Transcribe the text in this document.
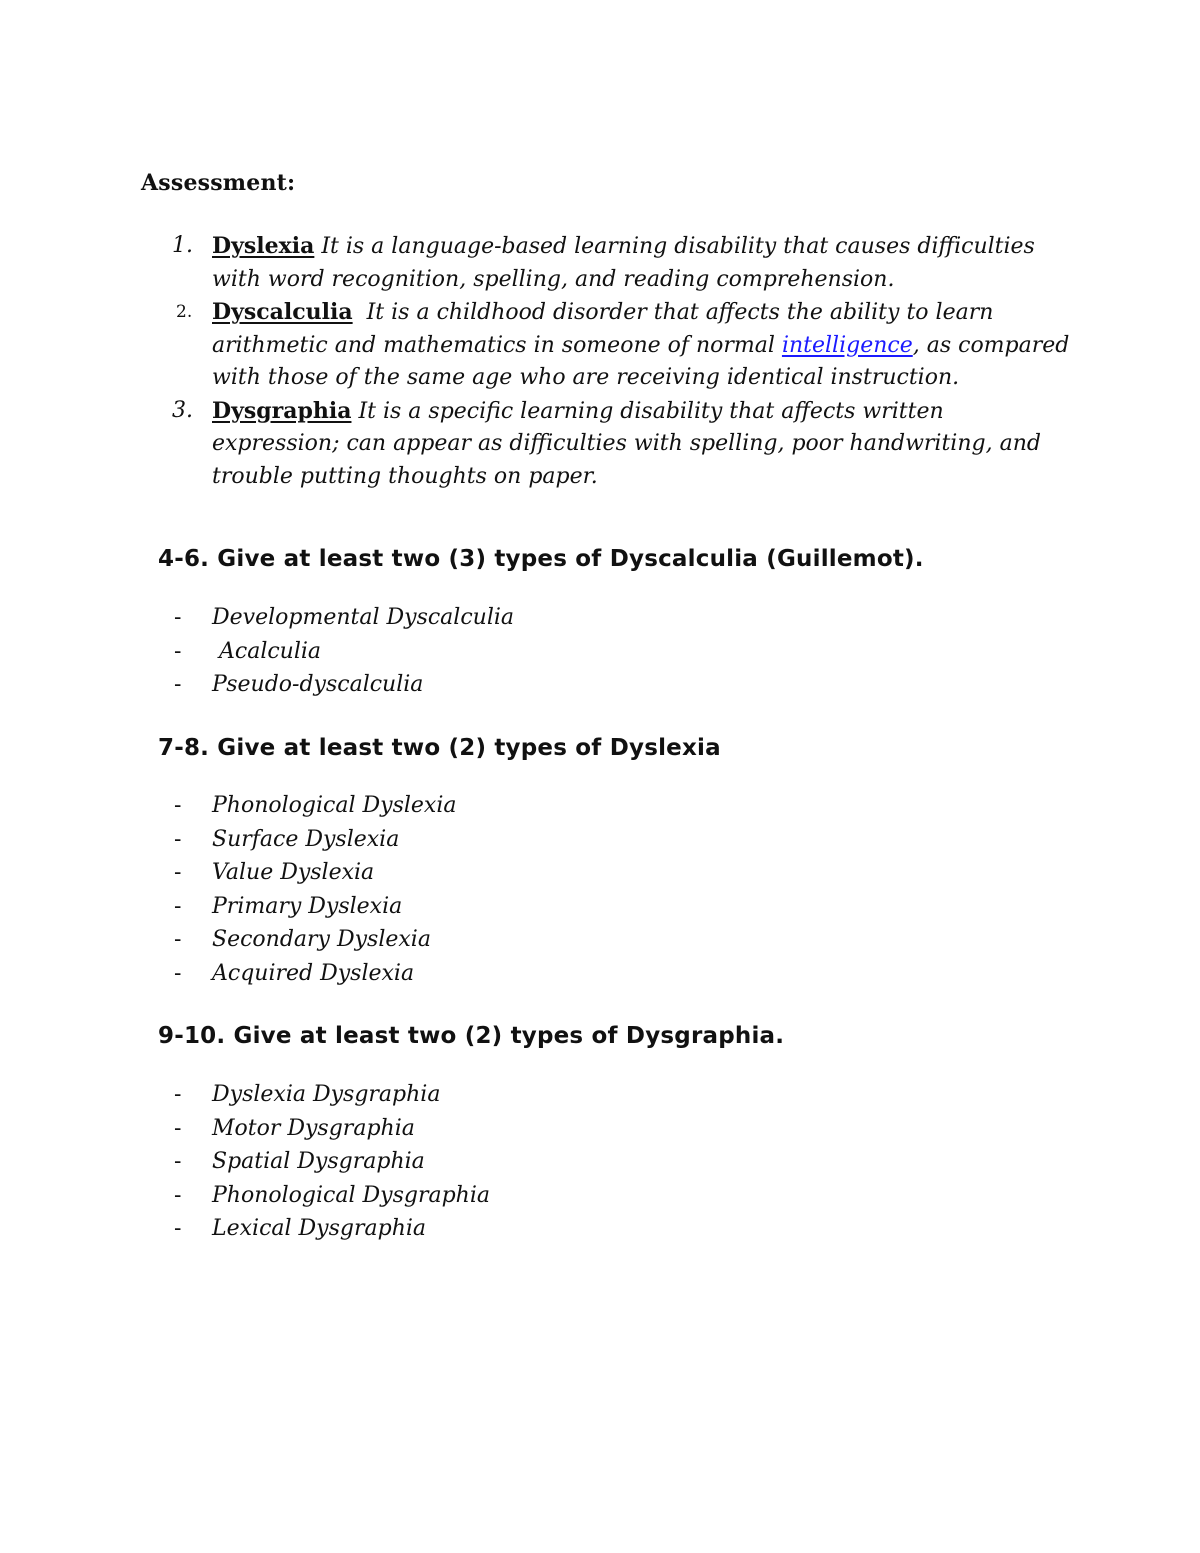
Assessment:
1. Dyslexia It is a language-based learning disability that causes difficulties with word recognition, spelling, and reading comprehension.
2. Dyscalculia  It is a childhood disorder that affects the ability to learn arithmetic and mathematics in someone of normal intelligence, as compared with those of the same age who are receiving identical instruction.
3. Dysgraphia It is a specific learning disability that affects written expression; can appear as difficulties with spelling, poor handwriting, and trouble putting thoughts on paper.
4-6. Give at least two (3) types of Dyscalculia (Guillemot).
- Developmental Dyscalculia
- Acalculia
- Pseudo-dyscalculia
7-8. Give at least two (2) types of Dyslexia
- Phonological Dyslexia
- Surface Dyslexia
- Value Dyslexia
- Primary Dyslexia
- Secondary Dyslexia
- Acquired Dyslexia
9-10. Give at least two (2) types of Dysgraphia.
- Dyslexia Dysgraphia
- Motor Dysgraphia
- Spatial Dysgraphia
- Phonological Dysgraphia
- Lexical Dysgraphia
